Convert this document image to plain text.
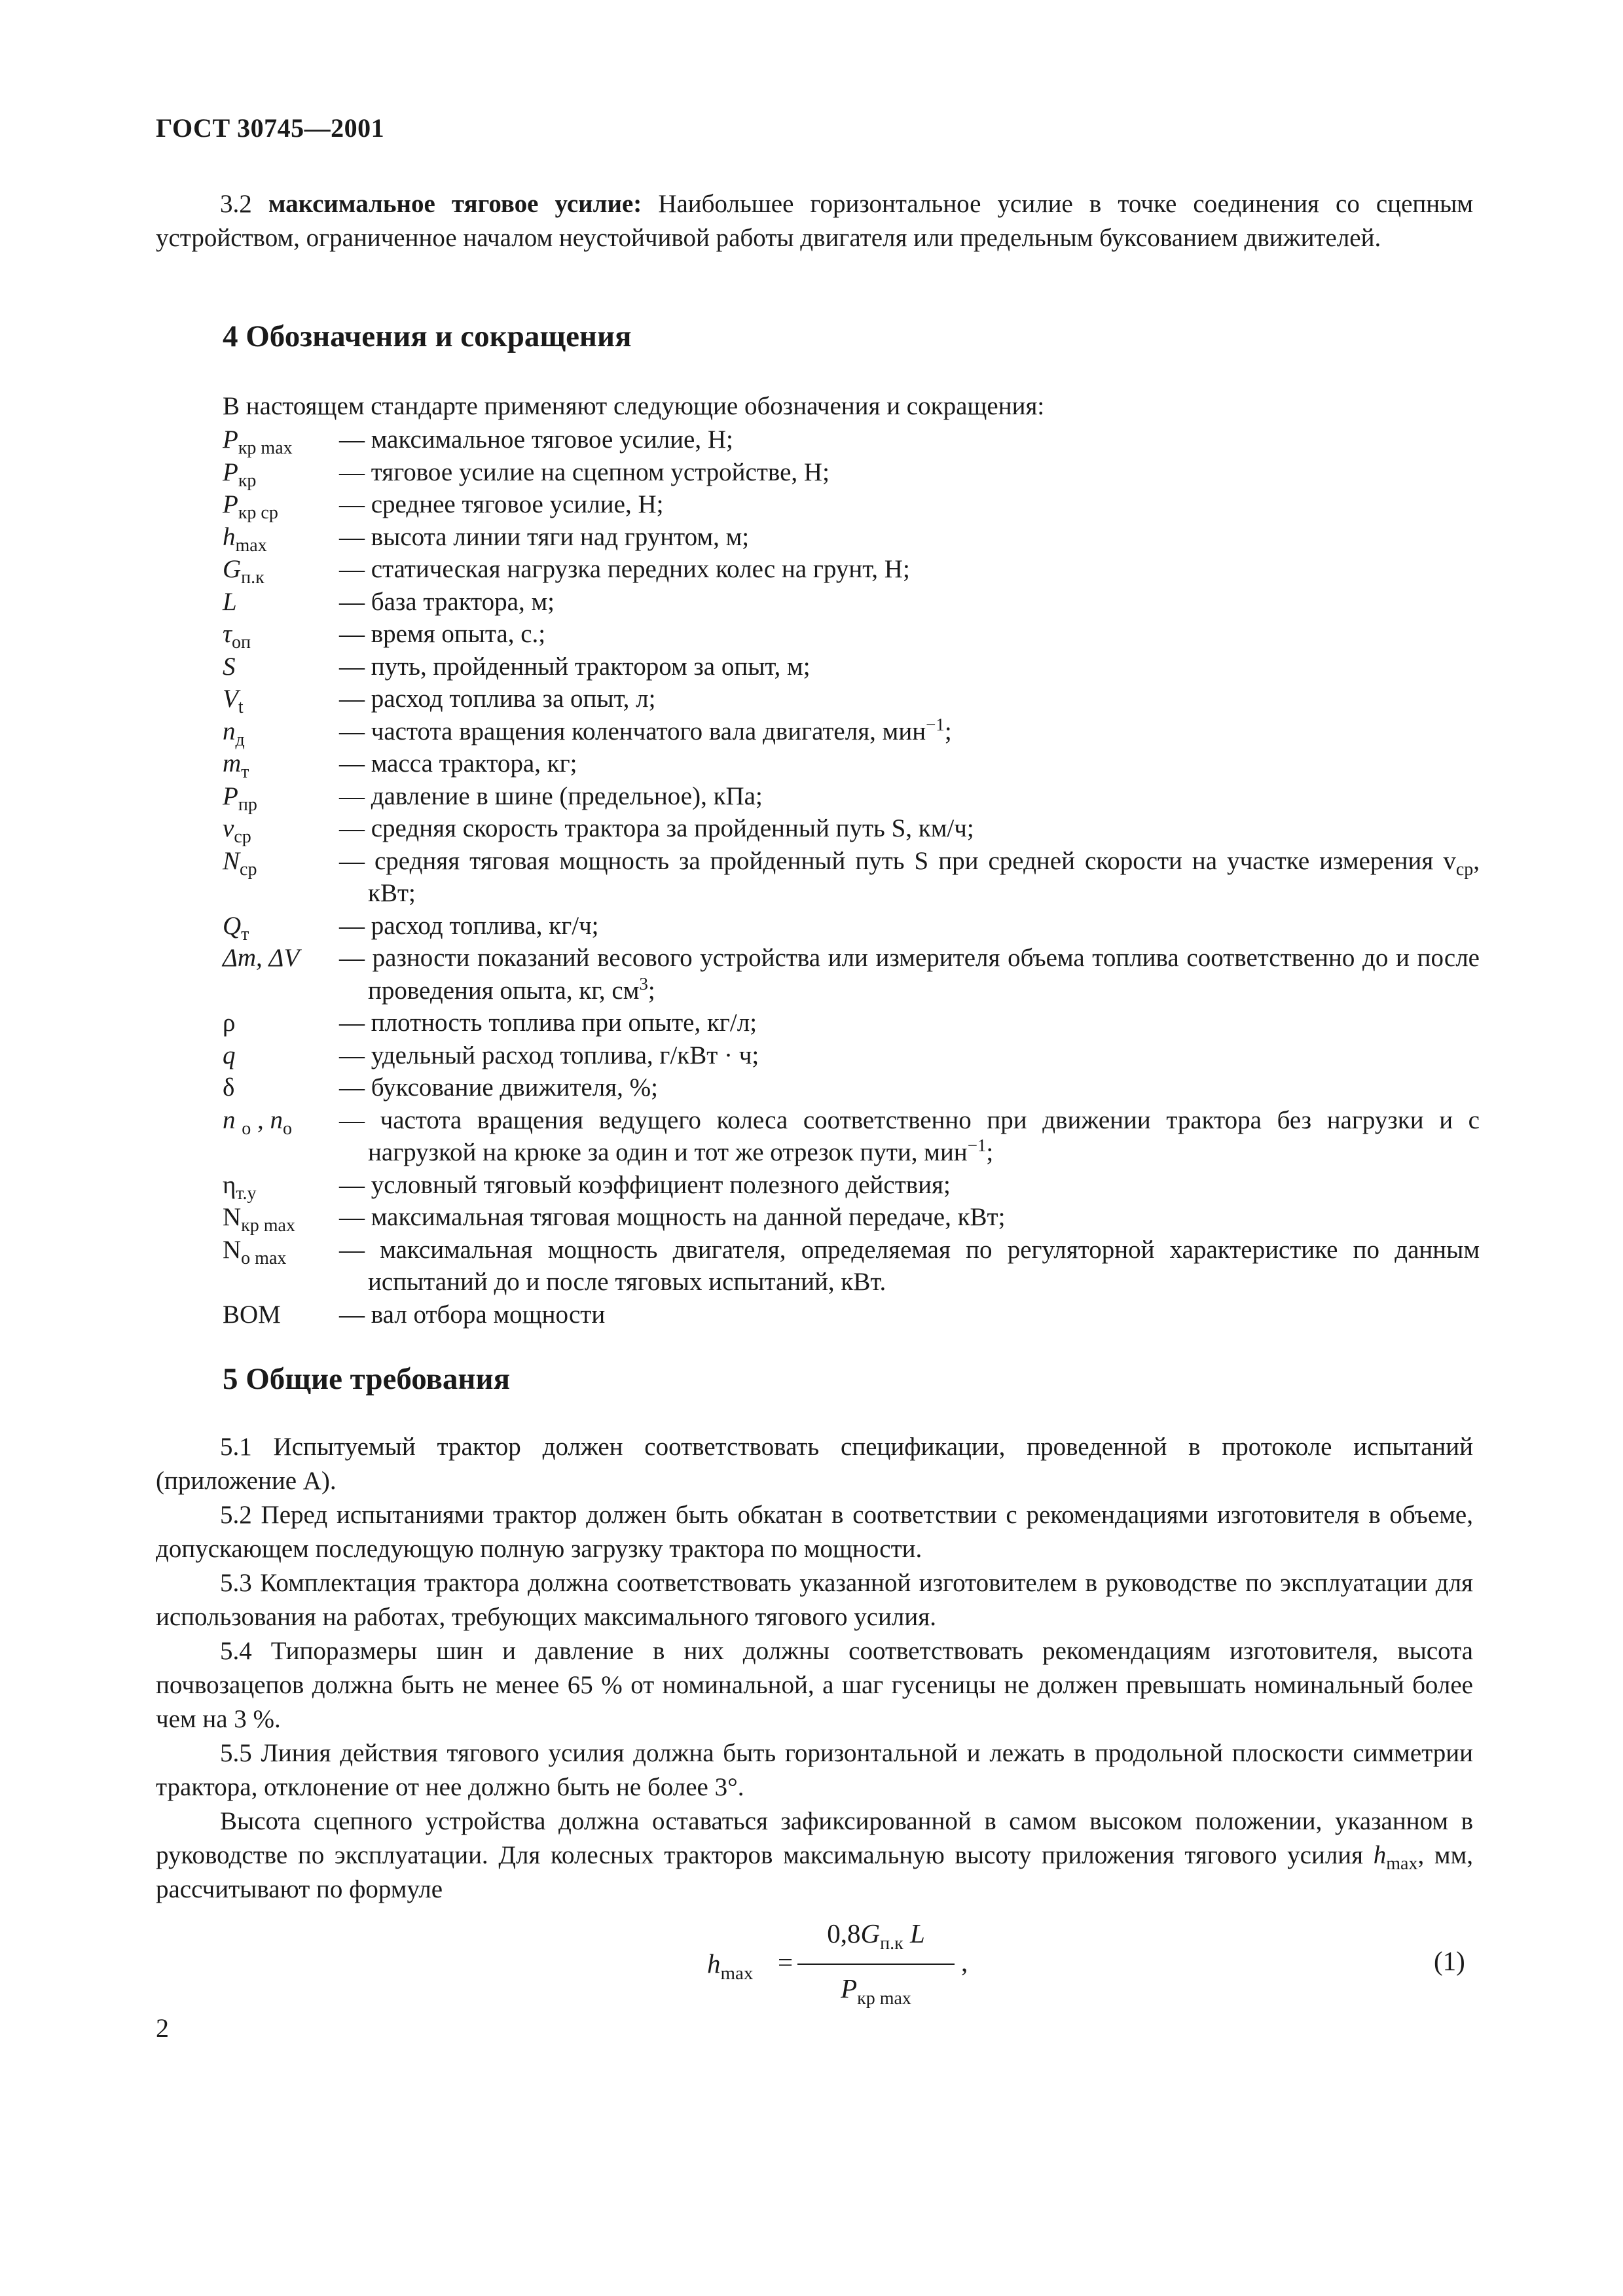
ГОСТ 30745—2001
3.2 максимальное тяговое усилие: Наибольшее горизонтальное усилие в точке соединения со сцепным устройством, ограниченное началом неустойчивой работы двигателя или предельным буксованием движителей.
4 Обозначения и сокращения
В настоящем стандарте применяют следующие обозначения и сокращения:
$P_{кр max}$	— максимальное тяговое усилие, Н;
$P_{кр}$	— тяговое усилие на сцепном устройстве, Н;
$P_{кр ср}$	— среднее тяговое усилие, Н;
$h_{max}$	— высота линии тяги над грунтом, м;
$G_{п.к}$	— статическая нагрузка передних колес на грунт, Н;
L	— база трактора, м;
$\tau_{оп}$	— время опыта, с.;
S	— путь, пройденный трактором за опыт, м;
$V_t$	— расход топлива за опыт, л;
$n_д$	— частота вращения коленчатого вала двигателя, мин$^{-1}$;
$m_т$	— масса трактора, кг;
$P_{пр}$	— давление в шине (предельное), кПа;
$v_{ср}$	— средняя скорость трактора за пройденный путь S, км/ч;
$N_{ср}$	— средняя тяговая мощность за пройденный путь S при средней скорости на участке измерения $v_{ср}$, кВт;
$Q_т$	— расход топлива, кг/ч;
Δm, ΔV	— разности показаний весового устройства или измерителя объема топлива соответственно до и после проведения опыта, кг, $см^3$;
ρ	— плотность топлива при опыте, кг/л;
q	— удельный расход топлива, г/кВт · ч;
δ	— буксование движителя, %;
n $_о$ , $n_о$	— частота вращения ведущего колеса соответственно при движении трактора без нагрузки и с нагрузкой на крюке за один и тот же отрезок пути, мин$^{-1}$;
$\eta_{т.у}$	— условный тяговый коэффициент полезного действия;
$N_{кр max}$	— максимальная тяговая мощность на данной передаче, кВт;
$N_{o max}$	— максимальная мощность двигателя, определяемая по регуляторной характеристике по данным испытаний до и после тяговых испытаний, кВт.
ВОМ	— вал отбора мощности
5 Общие требования
5.1 Испытуемый трактор должен соответствовать спецификации, проведенной в протоколе испытаний (приложение А).
5.2 Перед испытаниями трактор должен быть обкатан в соответствии с рекомендациями изготовителя в объеме, допускающем последующую полную загрузку трактора по мощности.
5.3 Комплектация трактора должна соответствовать указанной изготовителем в руководстве по эксплуатации для использования на работах, требующих максимального тягового усилия.
5.4 Типоразмеры шин и давление в них должны соответствовать рекомендациям изготовителя, высота почвозацепов должна быть не менее 65 % от номинальной, а шаг гусеницы не должен превышать номинальный более чем на 3 %.
5.5 Линия действия тягового усилия должна быть горизонтальной и лежать в продольной плоскости симметрии трактора, отклонение от нее должно быть не более 3°.
Высота сцепного устройства должна оставаться зафиксированной в самом высоком положении, указанном в руководстве по эксплуатации. Для колесных тракторов максимальную высоту приложения тягового усилия $h_{max}$, мм, рассчитывают по формуле
$h_{max}$ =
$0,8G_{п.к}$ L
$P_{кр max}$
,	(1)
2
